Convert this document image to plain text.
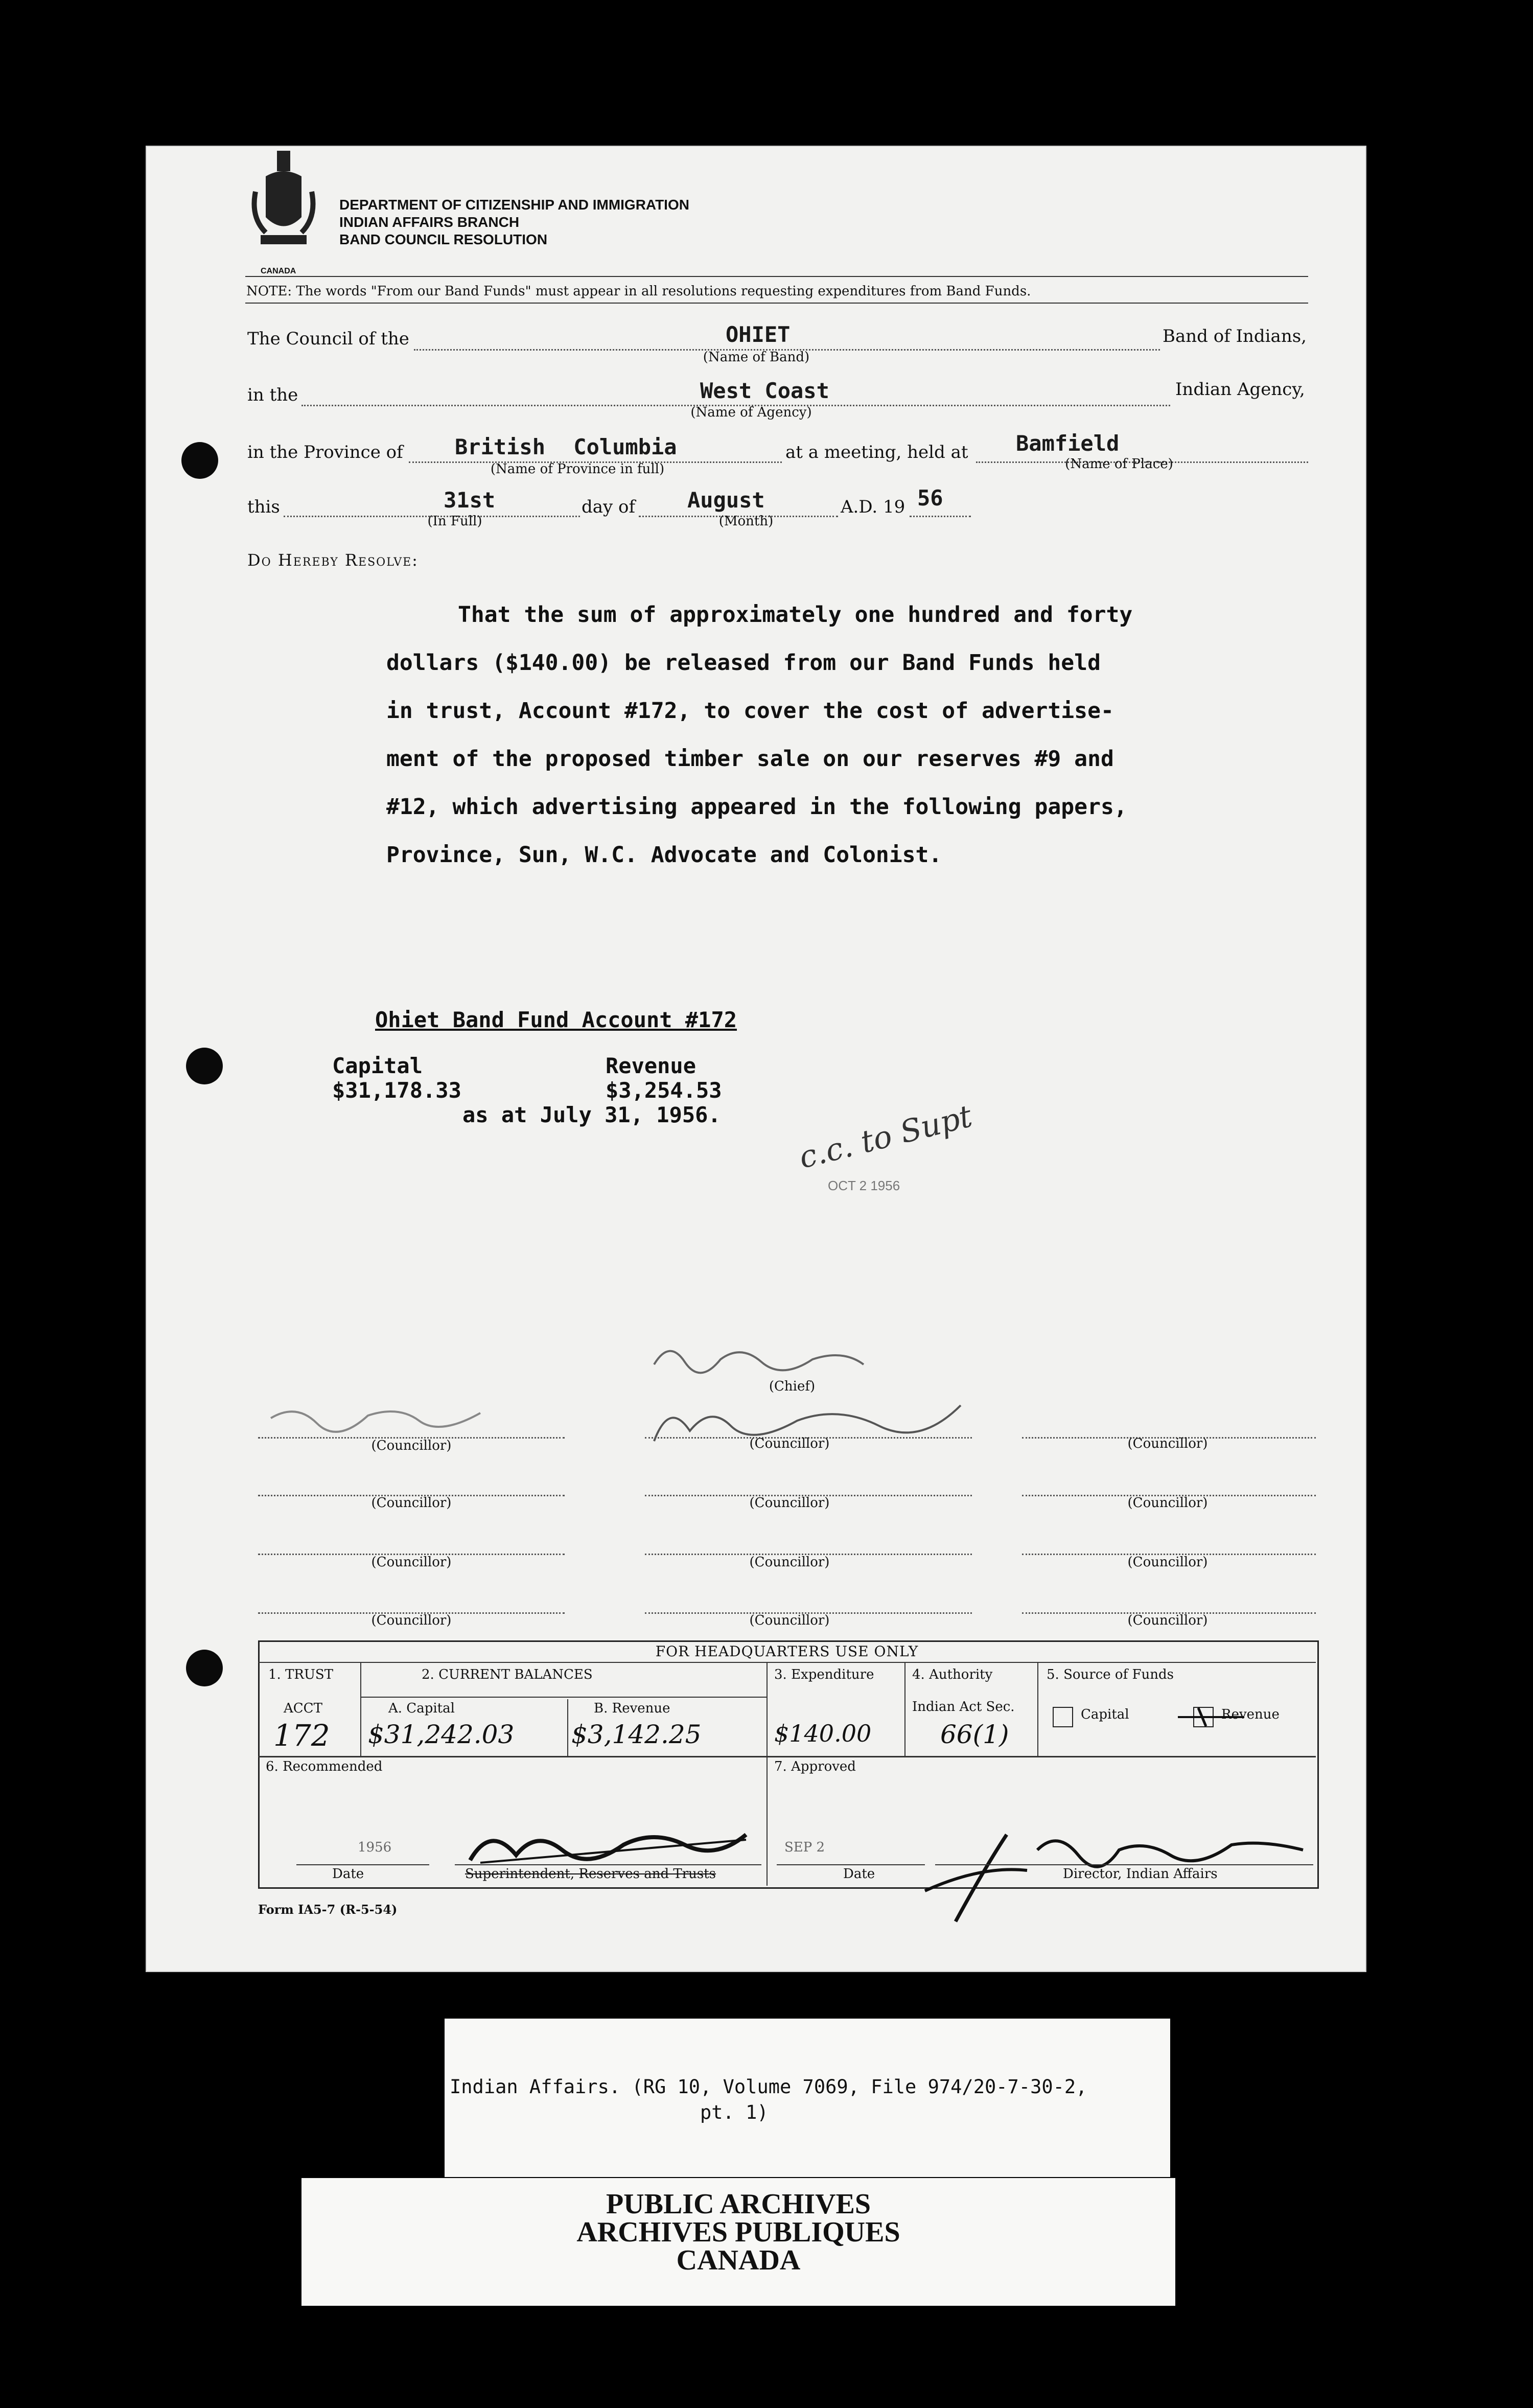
CANADA
DEPARTMENT OF CITIZENSHIP AND IMMIGRATION
INDIAN AFFAIRS BRANCH
BAND COUNCIL RESOLUTION
NOTE: The words "From our Band Funds" must appear in all resolutions requesting expenditures from Band Funds.
The Council of the	OHIET
(Name of Band)
Band of Indians,
in the	West Coast
(Name of Agency)
Indian Agency,
in the Province of British Columbia
(Name of Province in full)
at a meeting, held at Bamfield
(Name of Place)
this	31st
(In Full)
day of August
(Month)
A.D. 19 56
Do Hereby Resolve:
That the sum of approximately one hundred and forty
dollars ($140.00) be released from our Band Funds held
in trust, Account #172, to cover the cost of advertise-
ment of the proposed timber sale on our reserves #9 and
#12, which advertising appeared in the following papers,
Province, Sun, W.C. Advocate and Colonist.
Ohiet Band Fund Account #172
Capital
$31,178.33
Revenue
$3,254.53
as at July 31, 1956. c.c. to Supt
OCT 2 1956
(Chief)
(Councillor)	(Councillor)	(Councillor)
(Councillor)	(Councillor)	(Councillor)
(Councillor)	(Councillor)	(Councillor)
(Councillor)	(Councillor)	(Councillor)
FOR HEADQUARTERS USE ONLY
1. TRUST
ACCT
172
2. CURRENT BALANCES
A. Capital
$31,242.03
B. Revenue
$3,142.25
3. Expenditure
$140.00
4. Authority
Indian Act Sec.
66(1)
5. Source of Funds
Capital	Revenue
6. Recommended	7. Approved
1956
Date	Superintendent, Reserves and Trusts
SEP 2
Date	Director, Indian Affairs
Form IA5-7 (R-5-54)
Indian Affairs. (RG 10, Volume 7069, File 974/20-7-30-2,
pt. 1)
PUBLIC ARCHIVES
ARCHIVES PUBLIQUES
CANADA
